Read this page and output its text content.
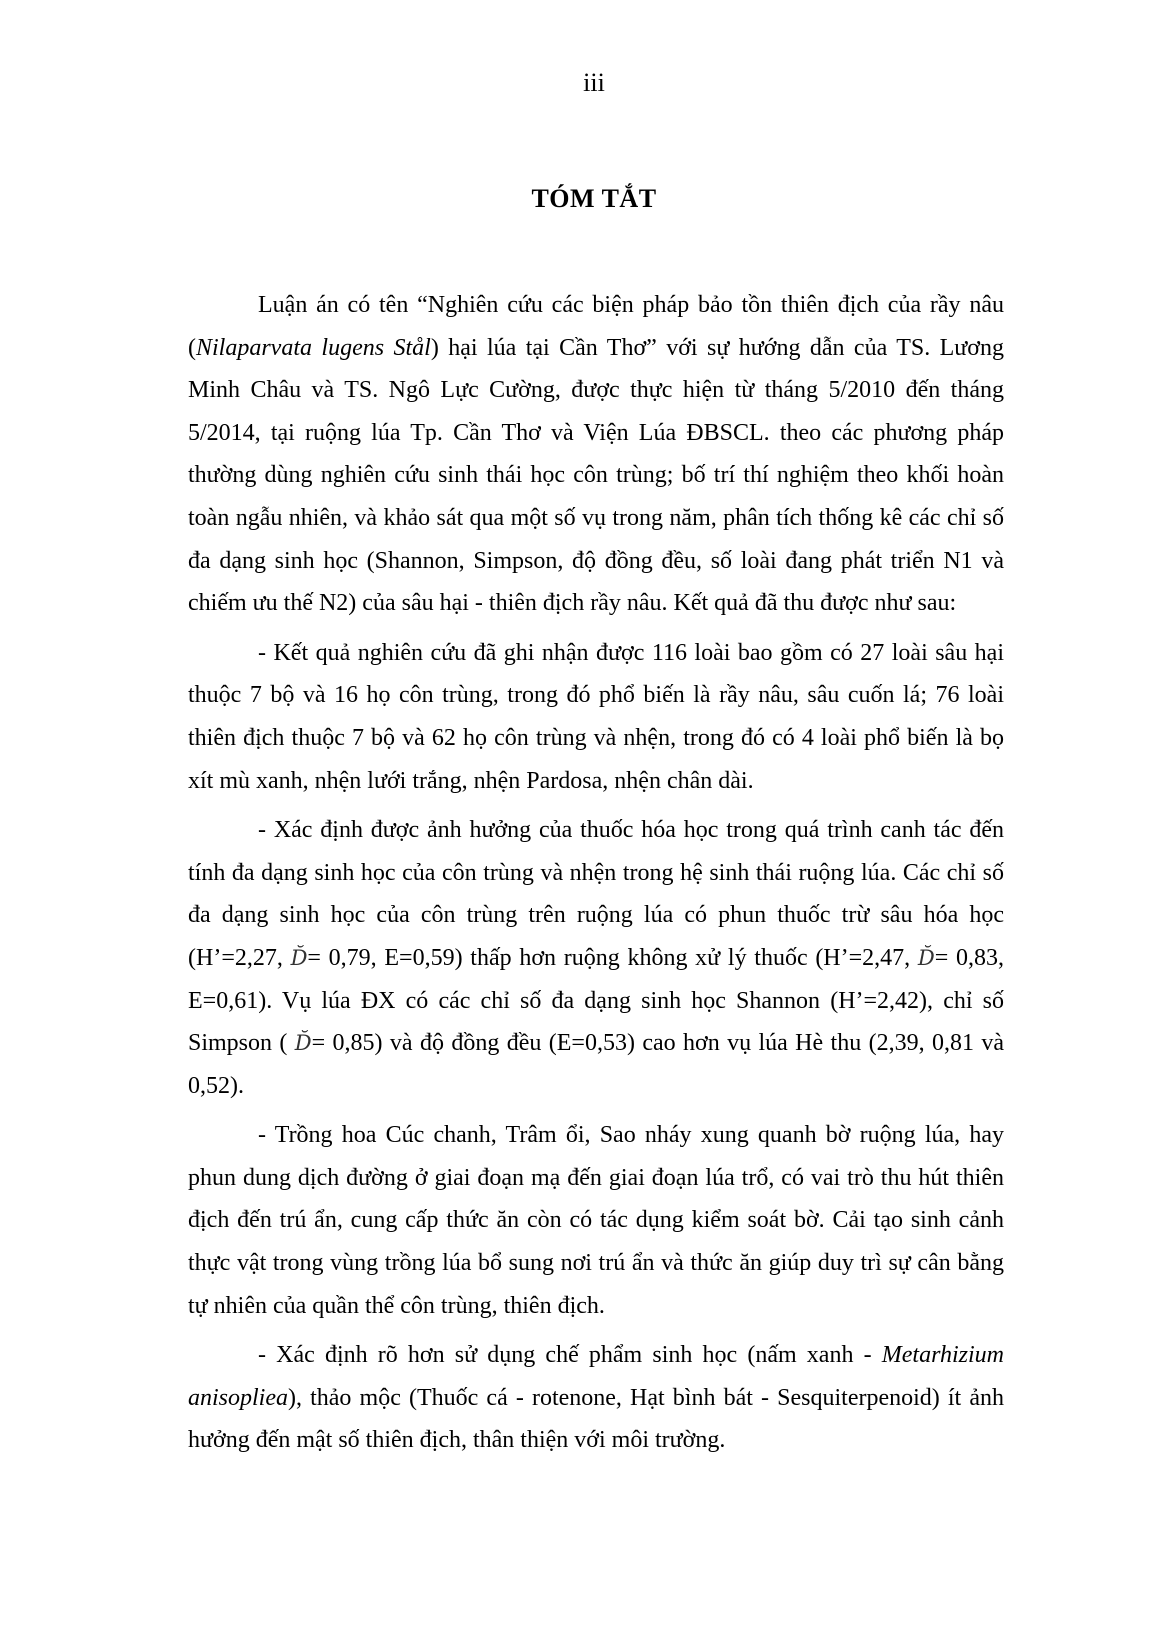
iii
TÓM TẮT

Luận án có tên “Nghiên cứu các biện pháp bảo tồn thiên địch của rầy nâu (Nilaparvata lugens Stål) hại lúa tại Cần Thơ” với sự hướng dẫn của TS. Lương Minh Châu và TS. Ngô Lực Cường, được thực hiện từ tháng 5/2010 đến tháng 5/2014, tại ruộng lúa Tp. Cần Thơ và Viện Lúa ĐBSCL. theo các phương pháp thường dùng nghiên cứu sinh thái học côn trùng; bố trí thí nghiệm theo khối hoàn toàn ngẫu nhiên, và khảo sát qua một số vụ trong năm, phân tích thống kê các chỉ số đa dạng sinh học (Shannon, Simpson, độ đồng đều, số loài đang phát triển N1 và chiếm ưu thế N2) của sâu hại - thiên địch rầy nâu. Kết quả đã thu được như sau:

- Kết quả nghiên cứu đã ghi nhận được 116 loài bao gồm có 27 loài sâu hại thuộc 7 bộ và 16 họ côn trùng, trong đó phổ biến là rầy nâu, sâu cuốn lá; 76 loài thiên địch thuộc 7 bộ và 62 họ côn trùng và nhện, trong đó có 4 loài phổ biến là bọ xít mù xanh, nhện lưới trắng, nhện Pardosa, nhện chân dài.

- Xác định được ảnh hưởng của thuốc hóa học trong quá trình canh tác đến tính đa dạng sinh học của côn trùng và nhện trong hệ sinh thái ruộng lúa. Các chỉ số đa dạng sinh học của côn trùng trên ruộng lúa có phun thuốc trừ sâu hóa học (H’=2,27, D̆= 0,79, E=0,59) thấp hơn ruộng không xử lý thuốc (H’=2,47, D̆= 0,83, E=0,61). Vụ lúa ĐX có các chỉ số đa dạng sinh học Shannon (H’=2,42), chỉ số Simpson ( D̆= 0,85) và độ đồng đều (E=0,53) cao hơn vụ lúa Hè thu (2,39, 0,81 và 0,52).

- Trồng hoa Cúc chanh, Trâm ổi, Sao nháy xung quanh bờ ruộng lúa, hay phun dung dịch đường ở giai đoạn mạ đến giai đoạn lúa trổ, có vai trò thu hút thiên địch đến trú ẩn, cung cấp thức ăn còn có tác dụng kiểm soát bờ. Cải tạo sinh cảnh thực vật trong vùng trồng lúa bổ sung nơi trú ẩn và thức ăn giúp duy trì sự cân bằng tự nhiên của quần thể côn trùng, thiên địch.

- Xác định rõ hơn sử dụng chế phẩm sinh học (nấm xanh - Metarhizium anisopliea), thảo mộc (Thuốc cá - rotenone, Hạt bình bát - Sesquiterpenoid) ít ảnh hưởng đến mật số thiên địch, thân thiện với môi trường.
